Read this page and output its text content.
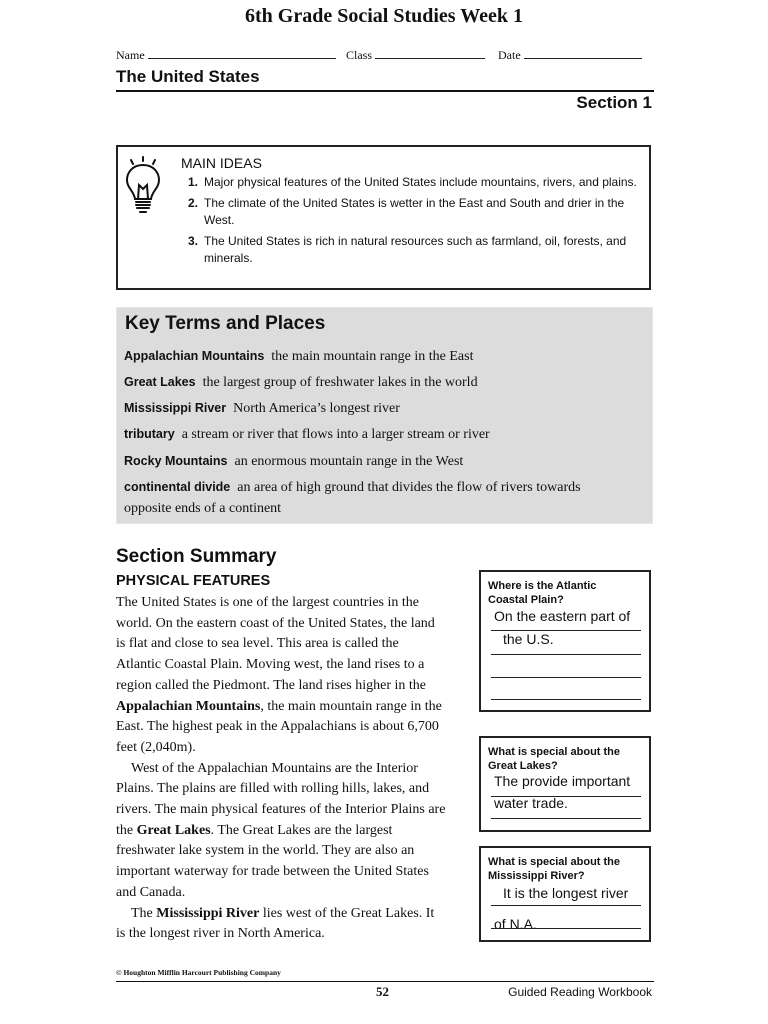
6th Grade Social Studies Week 1
Name	Class	Date
The United States
Section 1
MAIN IDEAS
1. Major physical features of the United States include mountains, rivers, and plains.
2. The climate of the United States is wetter in the East and South and drier in the West.
3. The United States is rich in natural resources such as farmland, oil, forests, and minerals.
Key Terms and Places
Appalachian Mountains the main mountain range in the East
Great Lakes the largest group of freshwater lakes in the world
Mississippi River North America’s longest river
tributary a stream or river that flows into a larger stream or river
Rocky Mountains an enormous mountain range in the West
continental divide an area of high ground that divides the flow of rivers towards opposite ends of a continent
Section Summary
PHYSICAL FEATURES

The United States is one of the largest countries in the world. On the eastern coast of the United States, the land is flat and close to sea level. This area is called the Atlantic Coastal Plain. Moving west, the land rises to a region called the Piedmont. The land rises higher in the Appalachian Mountains, the main mountain range in the East. The highest peak in the Appalachians is about 6,700 feet (2,040m).

West of the Appalachian Mountains are the Interior Plains. The plains are filled with rolling hills, lakes, and rivers. The main physical features of the Interior Plains are the Great Lakes. The Great Lakes are the largest freshwater lake system in the world. They are also an important waterway for trade between the United States and Canada.

The Mississippi River lies west of the Great Lakes. It is the longest river in North America.

Where is the Atlantic Coastal Plain?
On the eastern part of
the U.S.
What is special about the Great Lakes?
The provide important
water trade.
What is special about the Mississippi River?
It is the longest river
of N.A.
© Houghton Mifflin Harcourt Publishing Company
52	Guided Reading Workbook
